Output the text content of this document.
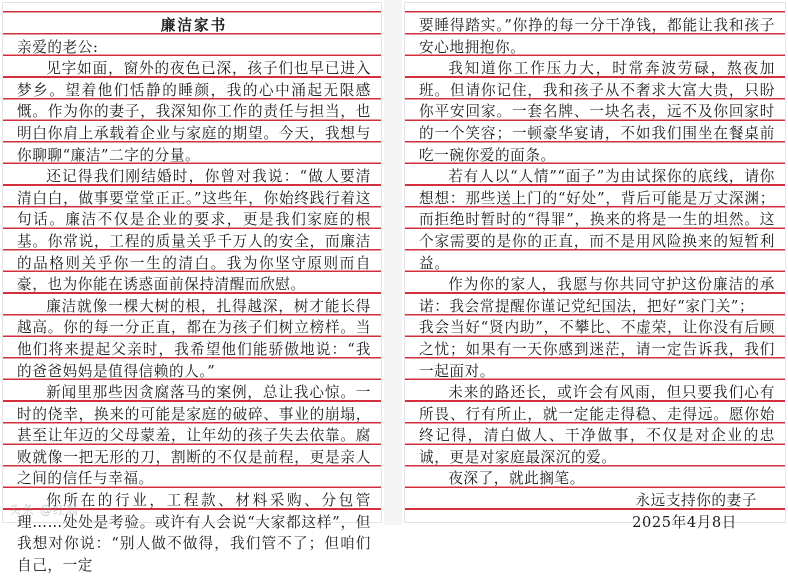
廉洁家书

亲爱的老公:

见字如面，窗外的夜色已深，孩子们也早已进入梦乡。望着他们恬静的睡颜，我的心中涌起无限感慨。作为你的妻子，我深知你工作的责任与担当，也明白你肩上承载着企业与家庭的期望。今天，我想与你聊聊“廉洁”二字的分量。

还记得我们刚结婚时，你曾对我说：“做人要清清白白，做事要堂堂正正。”这些年，你始终践行着这句话。廉洁不仅是企业的要求，更是我们家庭的根基。你常说，工程的质量关乎千万人的安全，而廉洁的品格则关乎你一生的清白。我为你坚守原则而自豪，也为你能在诱惑面前保持清醒而欣慰。

廉洁就像一棵大树的根，扎得越深，树才能长得越高。你的每一分正直，都在为孩子们树立榜样。当他们将来提起父亲时，我希望他们能骄傲地说：“我的爸爸妈妈是值得信赖的人。”

新闻里那些因贪腐落马的案例，总让我心惊。一时的侥幸，换来的可能是家庭的破碎、事业的崩塌，甚至让年迈的父母蒙羞，让年幼的孩子失去依靠。腐败就像一把无形的刀，割断的不仅是前程，更是亲人之间的信任与幸福。

你所在的行业，工程款、材料采购、分包管理……处处是考验。或许有人会说“大家都这样”，但我想对你说：“别人做不做得，我们管不了；但咱们自己，一定

头条 @红翁

要睡得踏实。”你挣的每一分干净钱，都能让我和孩子安心地拥抱你。

我知道你工作压力大，时常奔波劳碌，熬夜加班。但请你记住，我和孩子从不奢求大富大贵，只盼你平安回家。一套名牌、一块名表，远不及你回家时的一个笑容；一顿豪华宴请，不如我们围坐在餐桌前吃一碗你爱的面条。

若有人以“人情”“面子”为由试探你的底线，请你想想：那些送上门的“好处”，背后可能是万丈深渊；而拒绝时暂时的“得罪”，换来的将是一生的坦然。这个家需要的是你的正直，而不是用风险换来的短暂利益。

作为你的家人，我愿与你共同守护这份廉洁的承诺：我会常提醒你谨记党纪国法，把好“家门关”；

我会当好“贤内助”，不攀比、不虚荣，让你没有后顾之忧；如果有一天你感到迷茫，请一定告诉我，我们一起面对。

未来的路还长，或许会有风雨，但只要我们心有所畏、行有所止，就一定能走得稳、走得远。愿你始终记得，清白做人、干净做事，不仅是对企业的忠诚，更是对家庭最深沉的爱。

夜深了，就此搁笔。

永远支持你的妻子

2025年4月8日
